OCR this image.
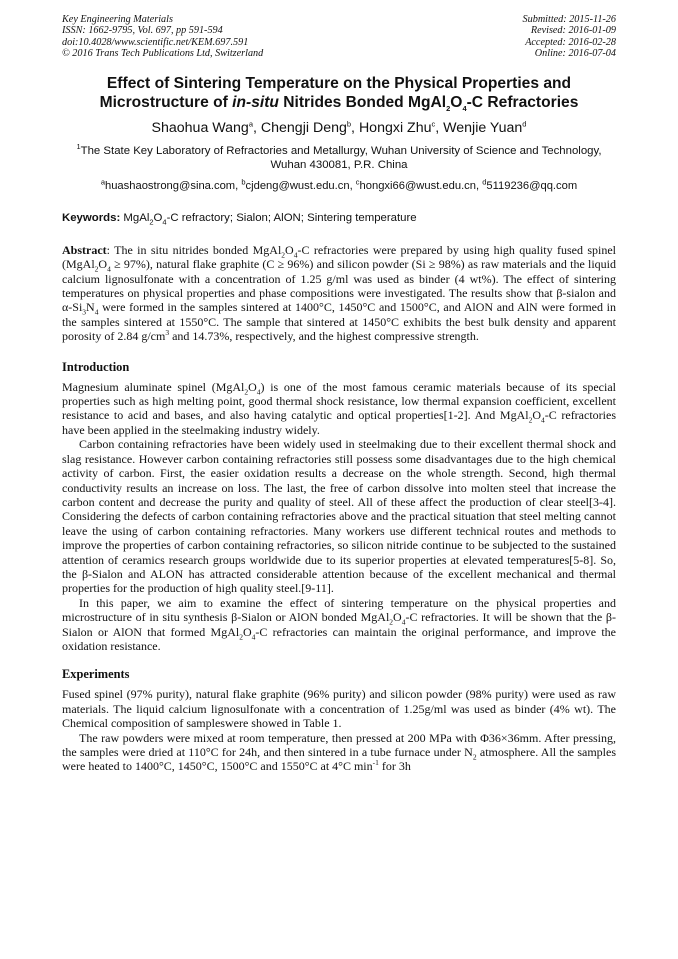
Key Engineering Materials
ISSN: 1662-9795, Vol. 697, pp 591-594
doi:10.4028/www.scientific.net/KEM.697.591
© 2016 Trans Tech Publications Ltd, Switzerland
Submitted: 2015-11-26
Revised: 2016-01-09
Accepted: 2016-02-28
Online: 2016-07-04
Effect of Sintering Temperature on the Physical Properties and
Microstructure of in-situ Nitrides Bonded $MgAl_2O_4-C$ Refractories
Shaohua Wang$^a$, Chengji Deng$^b$, Hongxi Zhu$^c$, Wenjie Yuan$^d$
$^1$The State Key Laboratory of Refractories and Metallurgy, Wuhan University of Science and Technology, Wuhan 430081, P.R. China
$^a$huashaostrong@sina.com, $^b$cjdeng@wust.edu.cn, $^c$hongxi66@wust.edu.cn, $^d$5119236@qq.com
Keywords: $MgAl_2O_4-C$ refractory; Sialon; AlON; Sintering temperature
Abstract: The in situ nitrides bonded $MgAl_2O_4-C$ refractories were prepared by using high quality fused spinel $(MgAl_2O_4 \ge 97\%)$, natural flake graphite (C ≥ 96%) and silicon powder (Si ≥ 98%) as raw materials and the liquid calcium lignosulfonate with a concentration of 1.25 g/ml was used as binder (4 wt%). The effect of sintering temperatures on physical properties and phase compositions were investigated. The results show that β-sialon and $\alpha-Si_3N_4$ were formed in the samples sintered at 1400°C, 1450°C and 1500°C, and AlON and AlN were formed in the samples sintered at 1550°C. The sample that sintered at 1450°C exhibits the best bulk density and apparent porosity of 2.84 $g/cm^3$ and 14.73%, respectively, and the highest compressive strength.
Introduction

Magnesium aluminate spinel $(MgAl_2O_4)$ is one of the most famous ceramic materials because of its special properties such as high melting point, good thermal shock resistance, low thermal expansion coefficient, excellent resistance to acid and bases, and also having catalytic and optical properties[1-2]. And $MgAl_2O_4-C$ refractories have been applied in the steelmaking industry widely.

Carbon containing refractories have been widely used in steelmaking due to their excellent thermal shock and slag resistance. However carbon containing refractories still possess some disadvantages due to the high chemical activity of carbon. First, the easier oxidation results a decrease on the whole strength. Second, high thermal conductivity results an increase on loss. The last, the free of carbon dissolve into molten steel that increase the carbon content and decrease the purity and quality of steel. All of these affect the production of clear steel[3-4]. Considering the defects of carbon containing refractories above and the practical situation that steel melting cannot leave the using of carbon containing refractories. Many workers use different technical routes and methods to improve the properties of carbon containing refractories, so silicon nitride continue to be subjected to the sustained attention of ceramics research groups worldwide due to its superior properties at elevated temperatures[5-8]. So, the β-Sialon and ALON has attracted considerable attention because of the excellent mechanical and thermal properties for the production of high quality steel.[9-11].

In this paper, we aim to examine the effect of sintering temperature on the physical properties and microstructure of in situ synthesis β-Sialon or AlON bonded $MgAl_2O_4-C$ refractories. It will be shown that the β-Sialon or AlON that formed $MgAl_2O_4-C$ refractories can maintain the original performance, and improve the oxidation resistance.

Experiments

Fused spinel (97% purity), natural flake graphite (96% purity) and silicon powder (98% purity) were used as raw materials. The liquid calcium lignosulfonate with a concentration of 1.25g/ml was used as binder (4% wt). The Chemical composition of sampleswere showed in Table 1.

The raw powders were mixed at room temperature, then pressed at 200 MPa with Φ36×36mm. After pressing, the samples were dried at 110°C for 24h, and then sintered in a tube furnace under $N_2$ atmosphere. All the samples were heated to 1400°C, 1450°C, 1500°C and 1550°C at 4°C $\min^{-1}$ for 3h
